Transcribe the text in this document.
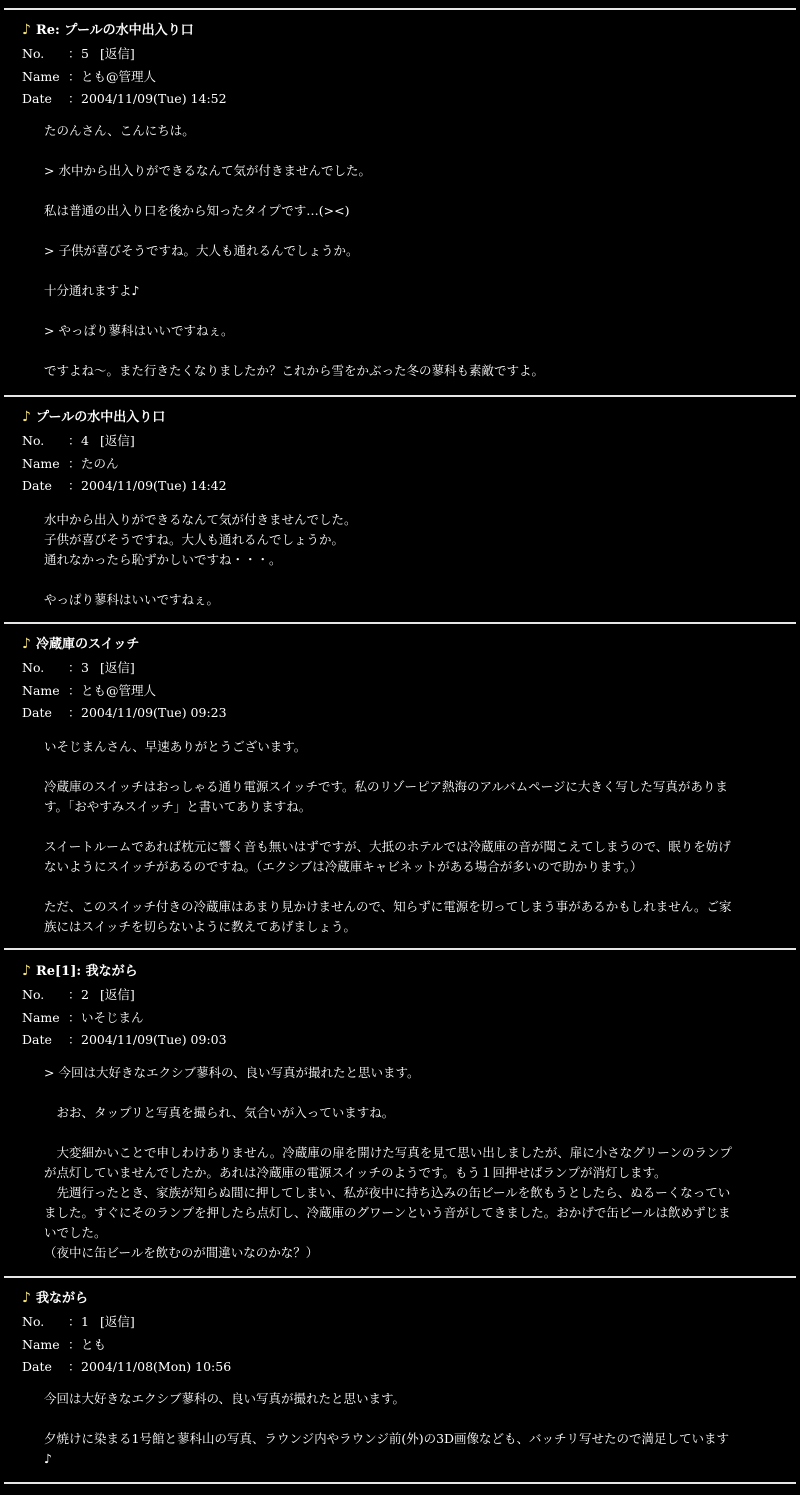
♪ Re: プールの水中出入り口
No. ：5 [返信]
Name ：とも@管理人
Date ：2004/11/09(Tue) 14:52

たのんさん、こんにちは。

> 水中から出入りができるなんて気が付きませんでした。

私は普通の出入り口を後から知ったタイプです…(><)

> 子供が喜びそうですね。大人も通れるんでしょうか。

十分通れますよ♪

> やっぱり蓼科はいいですねぇ。

ですよね〜。また行きたくなりましたか？これから雪をかぶった冬の蓼科も素敵ですよ。

♪ プールの水中出入り口
No. ：4 [返信]
Name ：たのん
Date ：2004/11/09(Tue) 14:42

水中から出入りができるなんて気が付きませんでした。

子供が喜びそうですね。大人も通れるんでしょうか。

通れなかったら恥ずかしいですね・・・。

やっぱり蓼科はいいですねぇ。

♪ 冷蔵庫のスイッチ
No. ：3 [返信]
Name ：とも@管理人
Date ：2004/11/09(Tue) 09:23

いそじまんさん、早速ありがとうございます。

冷蔵庫のスイッチはおっしゃる通り電源スイッチです。私のリゾーピア熱海のアルバムページに大きく写した写真がありま

す。「おやすみスイッチ」と書いてありますね。

スイートルームであれば枕元に響く音も無いはずですが、大抵のホテルでは冷蔵庫の音が聞こえてしまうので、眠りを妨げ

ないようにスイッチがあるのですね。（エクシブは冷蔵庫キャビネットがある場合が多いので助かります。）

ただ、このスイッチ付きの冷蔵庫はあまり見かけませんので、知らずに電源を切ってしまう事があるかもしれません。ご家

族にはスイッチを切らないように教えてあげましょう。

♪ Re[1]: 我ながら
No. ：2 [返信]
Name ：いそじまん
Date ：2004/11/09(Tue) 09:03

> 今回は大好きなエクシブ蓼科の、良い写真が撮れたと思います。

　おお、タップリと写真を撮られ、気合いが入っていますね。

　大変細かいことで申しわけありません。冷蔵庫の扉を開けた写真を見て思い出しましたが、扉に小さなグリーンのランプ

が点灯していませんでしたか。あれは冷蔵庫の電源スイッチのようです。もう１回押せばランプが消灯します。

　先週行ったとき、家族が知らぬ間に押してしまい、私が夜中に持ち込みの缶ビールを飲もうとしたら、ぬるーくなってい

ました。すぐにそのランプを押したら点灯し、冷蔵庫のグワーンという音がしてきました。おかげで缶ビールは飲めずじま

いでした。

（夜中に缶ビールを飲むのが間違いなのかな？）

♪ 我ながら
No. ：1 [返信]
Name ：とも
Date ：2004/11/08(Mon) 10:56

今回は大好きなエクシブ蓼科の、良い写真が撮れたと思います。

夕焼けに染まる1号館と蓼科山の写真、ラウンジ内やラウンジ前(外)の3D画像なども、バッチリ写せたので満足しています

♪
